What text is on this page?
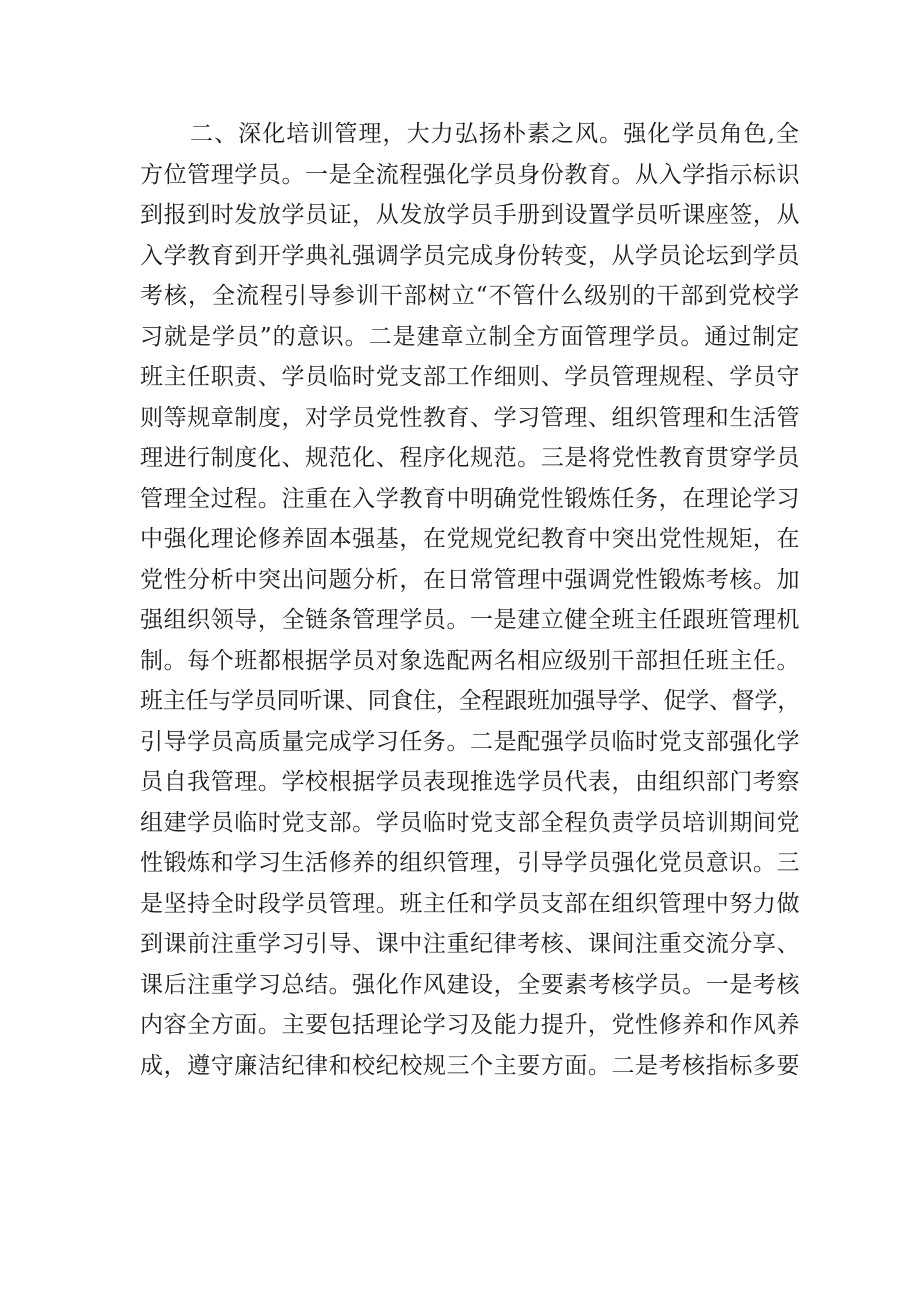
二、深化培训管理，大力弘扬朴素之风。强化学员角色,全
方位管理学员。一是全流程强化学员身份教育。从入学指示标识
到报到时发放学员证，从发放学员手册到设置学员听课座签，从
入学教育到开学典礼强调学员完成身份转变，从学员论坛到学员
考核，全流程引导参训干部树立“不管什么级别的干部到党校学
习就是学员”的意识。二是建章立制全方面管理学员。通过制定
班主任职责、学员临时党支部工作细则、学员管理规程、学员守
则等规章制度，对学员党性教育、学习管理、组织管理和生活管
理进行制度化、规范化、程序化规范。三是将党性教育贯穿学员
管理全过程。注重在入学教育中明确党性锻炼任务，在理论学习
中强化理论修养固本强基，在党规党纪教育中突出党性规矩，在
党性分析中突出问题分析，在日常管理中强调党性锻炼考核。加
强组织领导，全链条管理学员。一是建立健全班主任跟班管理机
制。每个班都根据学员对象选配两名相应级别干部担任班主任。
班主任与学员同听课、同食住，全程跟班加强导学、促学、督学，
引导学员高质量完成学习任务。二是配强学员临时党支部强化学
员自我管理。学校根据学员表现推选学员代表，由组织部门考察
组建学员临时党支部。学员临时党支部全程负责学员培训期间党
性锻炼和学习生活修养的组织管理，引导学员强化党员意识。三
是坚持全时段学员管理。班主任和学员支部在组织管理中努力做
到课前注重学习引导、课中注重纪律考核、课间注重交流分享、
课后注重学习总结。强化作风建设，全要素考核学员。一是考核
内容全方面。主要包括理论学习及能力提升，党性修养和作风养
成，遵守廉洁纪律和校纪校规三个主要方面。二是考核指标多要
